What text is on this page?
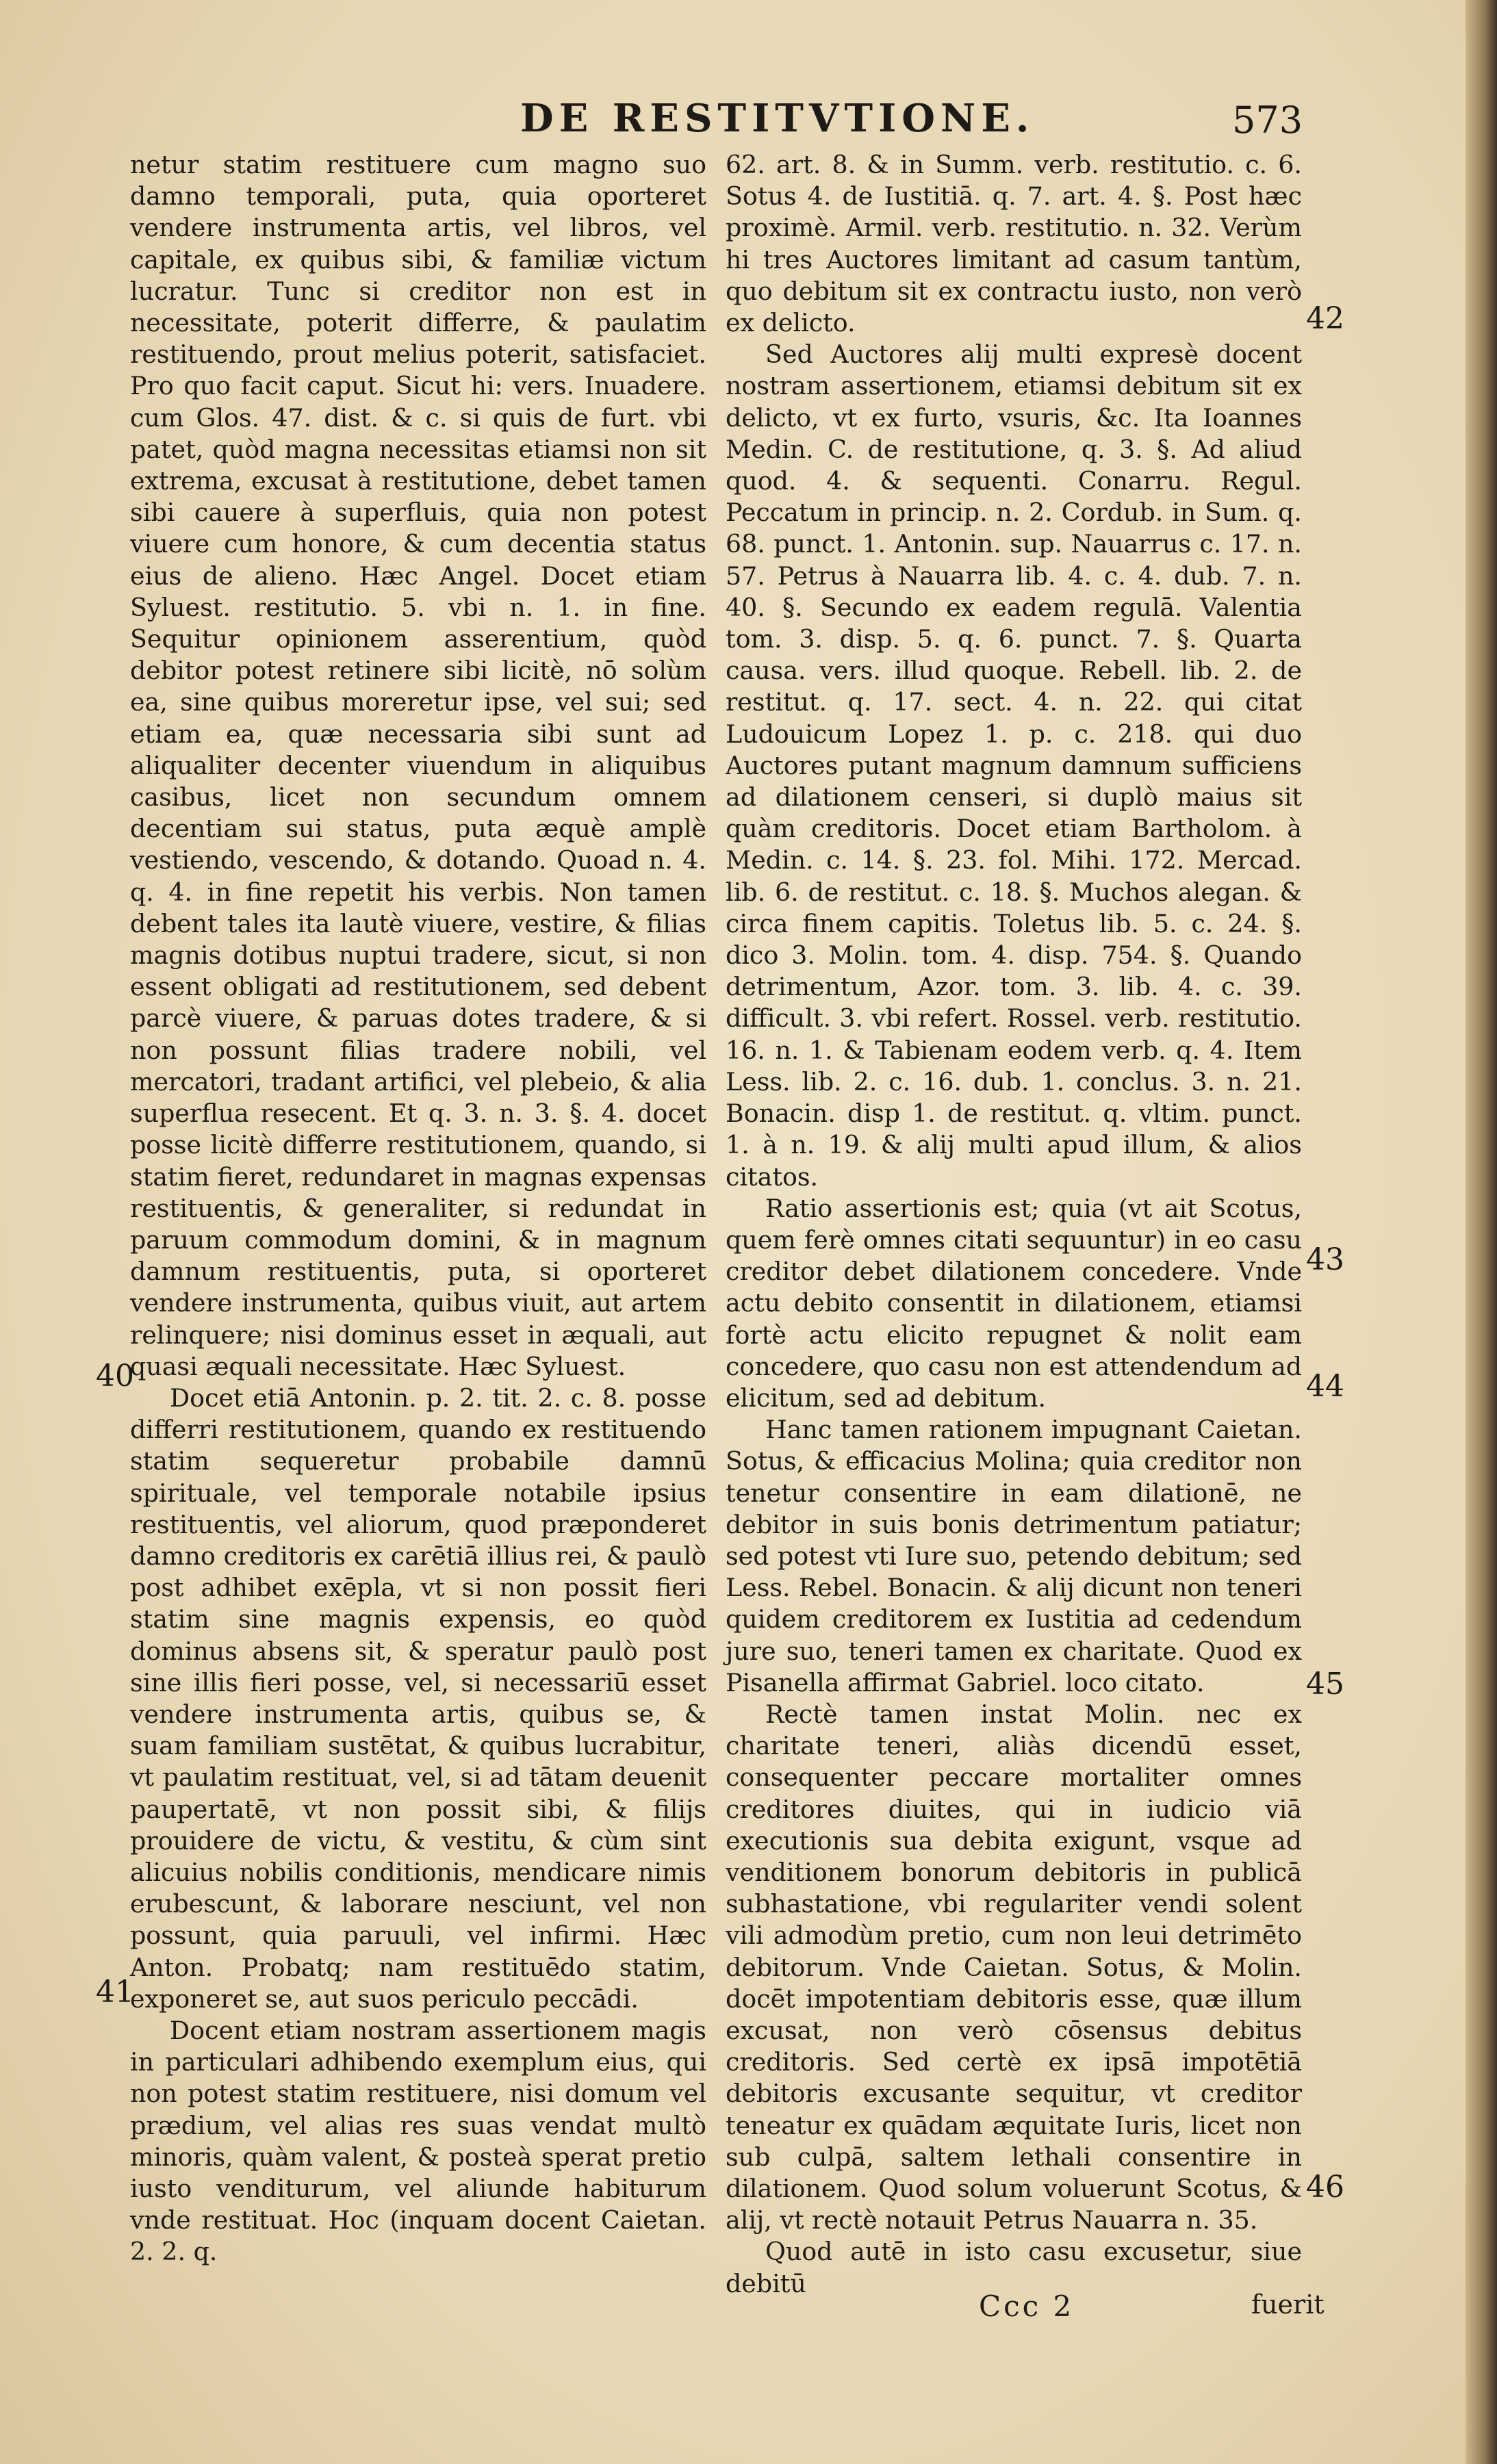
DE RESTITVTIONE.	573

netur statim restituere cum magno suo damno temporali, puta, quia oporteret vendere instrumenta artis, vel libros, vel capitale, ex quibus sibi, & familiæ victum lucratur. Tunc si creditor non est in necessitate, poterit differre, & paulatim restituendo, prout melius poterit, satisfaciet. Pro quo facit caput. Sicut hi: vers. Inuadere. cum Glos. 47. dist. & c. si quis de furt. vbi patet, quòd magna necessitas etiamsi non sit extrema, excusat à restitutione, debet tamen sibi cauere à superfluis, quia non potest viuere cum honore, & cum decentia status eius de alieno. Hæc Angel. Docet etiam Syluest. restitutio. 5. vbi n. 1. in fine. Sequitur opinionem asserentium, quòd debitor potest retinere sibi licitè, nō solùm ea, sine quibus moreretur ipse, vel sui; sed etiam ea, quæ necessaria sibi sunt ad aliqualiter decenter viuendum in aliquibus casibus, licet non secundum omnem decentiam sui status, puta æquè amplè vestiendo, vescendo, & dotando. Quoad n. 4. q. 4. in fine repetit his verbis. Non tamen debent tales ita lautè viuere, vestire, & filias magnis dotibus nuptui tradere, sicut, si non essent obligati ad restitutionem, sed debent parcè viuere, & paruas dotes tradere, & si non possunt filias tradere nobili, vel mercatori, tradant artifici, vel plebeio, & alia superflua resecent. Et q. 3. n. 3. §. 4. docet posse licitè differre restitutionem, quando, si statim fieret, redundaret in magnas expensas restituentis, & generaliter, si redundat in paruum commodum domini, & in magnum damnum restituentis, puta, si oporteret vendere instrumenta, quibus viuit, aut artem relinquere; nisi dominus esset in æquali, aut quasi æquali necessitate. Hæc Syluest.

Docet etiā Antonin. p. 2. tit. 2. c. 8. posse differri restitutionem, quando ex restituendo statim sequeretur probabile damnū spirituale, vel temporale notabile ipsius restituentis, vel aliorum, quod præponderet damno creditoris ex carētiā illius rei, & paulò post adhibet exēpla, vt si non possit fieri statim sine magnis expensis, eo quòd dominus absens sit, & speratur paulò post sine illis fieri posse, vel, si necessariū esset vendere instrumenta artis, quibus se, & suam familiam sustētat, & quibus lucrabitur, vt paulatim restituat, vel, si ad tātam deuenit paupertatē, vt non possit sibi, & filijs prouidere de victu, & vestitu, & cùm sint alicuius nobilis conditionis, mendicare nimis erubescunt, & laborare nesciunt, vel non possunt, quia paruuli, vel infirmi. Hæc Anton. Probatq; nam restituēdo statim, exponeret se, aut suos periculo peccādi.

Docent etiam nostram assertionem magis in particulari adhibendo exemplum eius, qui non potest statim restituere, nisi domum vel prædium, vel alias res suas vendat multò minoris, quàm valent, & posteà sperat pretio iusto venditurum, vel aliunde habiturum vnde restituat. Hoc (inquam docent Caietan. 2. 2. q.

62. art. 8. & in Summ. verb. restitutio. c. 6. Sotus 4. de Iustitiā. q. 7. art. 4. §. Post hæc proximè. Armil. verb. restitutio. n. 32. Verùm hi tres Auctores limitant ad casum tantùm, quo debitum sit ex contractu iusto, non verò ex delicto.

Sed Auctores alij multi expresè docent nostram assertionem, etiamsi debitum sit ex delicto, vt ex furto, vsuris, &c. Ita Ioannes Medin. C. de restitutione, q. 3. §. Ad aliud quod. 4. & sequenti. Conarru. Regul. Peccatum in princip. n. 2. Cordub. in Sum. q. 68. punct. 1. Antonin. sup. Nauarrus c. 17. n. 57. Petrus à Nauarra lib. 4. c. 4. dub. 7. n. 40. §. Secundo ex eadem regulā. Valentia tom. 3. disp. 5. q. 6. punct. 7. §. Quarta causa. vers. illud quoque. Rebell. lib. 2. de restitut. q. 17. sect. 4. n. 22. qui citat Ludouicum Lopez 1. p. c. 218. qui duo Auctores putant magnum damnum sufficiens ad dilationem censeri, si duplò maius sit quàm creditoris. Docet etiam Bartholom. à Medin. c. 14. §. 23. fol. Mihi. 172. Mercad. lib. 6. de restitut. c. 18. §. Muchos alegan. & circa finem capitis. Toletus lib. 5. c. 24. §. dico 3. Molin. tom. 4. disp. 754. §. Quando detrimentum, Azor. tom. 3. lib. 4. c. 39. difficult. 3. vbi refert. Rossel. verb. restitutio. 16. n. 1. & Tabienam eodem verb. q. 4. Item Less. lib. 2. c. 16. dub. 1. conclus. 3. n. 21. Bonacin. disp 1. de restitut. q. vltim. punct. 1. à n. 19. & alij multi apud illum, & alios citatos.

Ratio assertionis est; quia (vt ait Scotus, quem ferè omnes citati sequuntur) in eo casu creditor debet dilationem concedere. Vnde actu debito consentit in dilationem, etiamsi fortè actu elicito repugnet & nolit eam concedere, quo casu non est attendendum ad elicitum, sed ad debitum.

Hanc tamen rationem impugnant Caietan. Sotus, & efficacius Molina; quia creditor non tenetur consentire in eam dilationē, ne debitor in suis bonis detrimentum patiatur; sed potest vti Iure suo, petendo debitum; sed Less. Rebel. Bonacin. & alij dicunt non teneri quidem creditorem ex Iustitia ad cedendum jure suo, teneri tamen ex charitate. Quod ex Pisanella affirmat Gabriel. loco citato.

Rectè tamen instat Molin. nec ex charitate teneri, aliàs dicendū esset, consequenter peccare mortaliter omnes creditores diuites, qui in iudicio viā executionis sua debita exigunt, vsque ad venditionem bonorum debitoris in publicā subhastatione, vbi regulariter vendi solent vili admodùm pretio, cum non leui detrimēto debitorum. Vnde Caietan. Sotus, & Molin. docēt impotentiam debitoris esse, quæ illum excusat, non verò cōsensus debitus creditoris. Sed certè ex ipsā impotētiā debitoris excusante sequitur, vt creditor teneatur ex quādam æquitate Iuris, licet non sub culpā, saltem lethali consentire in dilationem. Quod solum voluerunt Scotus, & alij, vt rectè notauit Petrus Nauarra n. 35.

Quod autē in isto casu excusetur, siue debitū

40
41
42
43
44
45
46
Ccc 2	fuerit
